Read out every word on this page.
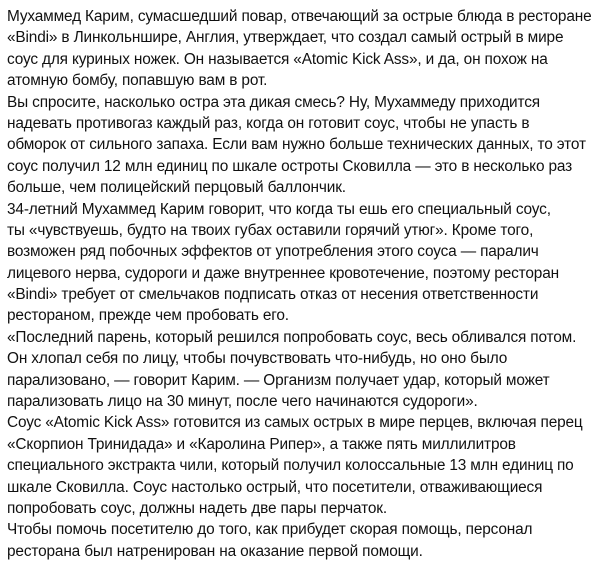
Мухаммед Карим, сумасшедший повар, отвечающий за острые блюда в ресторане
«Bindi» в Линкольншире, Англия, утверждает, что создал самый острый в мире
соус для куриных ножек. Он называется «Atomic Kick Ass», и да, он похож на
атомную бомбу, попавшую вам в рот.
Вы спросите, насколько остра эта дикая смесь? Ну, Мухаммеду приходится
надевать противогаз каждый раз, когда он готовит соус, чтобы не упасть в
обморок от сильного запаха. Если вам нужно больше технических данных, то этот
соус получил 12 млн единиц по шкале остроты Сковилла — это в несколько раз
больше, чем полицейский перцовый баллончик.
34-летний Мухаммед Карим говорит, что когда ты ешь его специальный соус,
ты «чувствуешь, будто на твоих губах оставили горячий утюг». Кроме того,
возможен ряд побочных эффектов от употребления этого соуса — паралич
лицевого нерва, судороги и даже внутреннее кровотечение, поэтому ресторан
«Bindi» требует от смельчаков подписать отказ от несения ответственности
рестораном, прежде чем пробовать его.
«Последний парень, который решился попробовать соус, весь обливался потом.
Он хлопал себя по лицу, чтобы почувствовать что-нибудь, но оно было
парализовано, — говорит Карим. — Организм получает удар, который может
парализовать лицо на 30 минут, после чего начинаются судороги».
Соус «Atomic Kick Ass» готовится из самых острых в мире перцев, включая перец
«Скорпион Тринидада» и «Каролина Рипер», а также пять миллилитров
специального экстракта чили, который получил колоссальные 13 млн единиц по
шкале Сковилла. Соус настолько острый, что посетители, отваживающиеся
попробовать соус, должны надеть две пары перчаток.
Чтобы помочь посетителю до того, как прибудет скорая помощь, персонал
ресторана был натренирован на оказание первой помощи.
